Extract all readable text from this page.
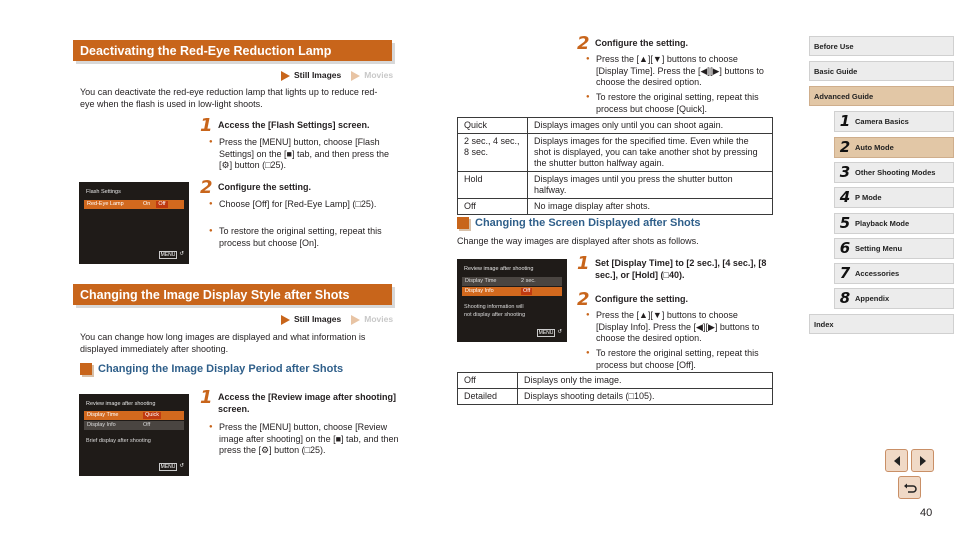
Deactivating the Red-Eye Reduction Lamp
Still Images	Movies
You can deactivate the red-eye reduction lamp that lights up to reduce red-eye when the flash is used in low-light shoots.
1 Access the [Flash Settings] screen.
● Press the [MENU] button, choose [Flash Settings] on the [■] tab, and then press the [⚙] button (□25).
Flash Settings
Red-Eye Lamp	On	Off
MENU ↺
2 Configure the setting.
● Choose [Off] for [Red-Eye Lamp] (□25).
● To restore the original setting, repeat this process but choose [On].
Changing the Image Display Style after Shots
Still Images	Movies
You can change how long images are displayed and what information is displayed immediately after shooting.
Changing the Image Display Period after Shots
Review image after shooting
Display Time	Quick
Display Info	Off
Brief display after shooting
MENU ↺
1 Access the [Review image after shooting] screen.
● Press the [MENU] button, choose [Review image after shooting] on the [■] tab, and then press the [⚙] button (□25).
2 Configure the setting.
● Press the [▲][▼] buttons to choose [Display Time]. Press the [◀][▶] buttons to choose the desired option.
● To restore the original setting, repeat this process but choose [Quick].
Quick	Displays images only until you can shoot again.
2 sec., 4 sec., 8 sec.	Displays images for the specified time. Even while the shot is displayed, you can take another shot by pressing the shutter button halfway again.
Hold	Displays images until you press the shutter button halfway.
Off	No image display after shots.
Changing the Screen Displayed after Shots
Change the way images are displayed after shots as follows.
Review image after shooting
Display Time	2 sec.
Display Info	Off
Shooting information will
not display after shooting
MENU ↺
1 Set [Display Time] to [2 sec.], [4 sec.], [8 sec.], or [Hold] (□40).
2 Configure the setting.
● Press the [▲][▼] buttons to choose [Display Info]. Press the [◀][▶] buttons to choose the desired option.
● To restore the original setting, repeat this process but choose [Off].
Off	Displays only the image.
Detailed	Displays shooting details (□105).
Before Use
Basic Guide
Advanced Guide
1 Camera Basics
2 Auto Mode
3 Other Shooting Modes
4 P Mode
5 Playback Mode
6 Setting Menu
7 Accessories
8 Appendix
Index
40
